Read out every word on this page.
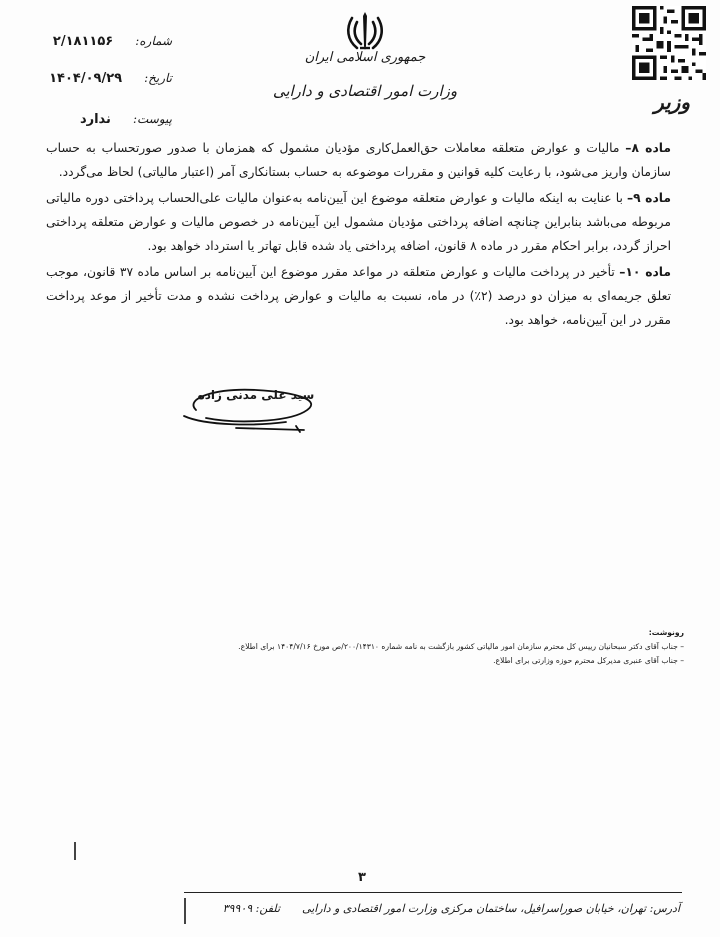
وزیر
جمهوری اسلامی ایران
وزارت امور اقتصادی و دارایی
شماره:
۲/۱۸۱۱۵۶
تاریخ:
۱۴۰۴/۰۹/۲۹
پیوست:
ندارد

ماده ۸– مالیات و عوارض متعلقه معاملات حق‌العمل‌کاری مؤدیان مشمول که همزمان با صدور صورتحساب به حساب سازمان واریز می‌شود، با رعایت کلیه قوانین و مقررات موضوعه به حساب بستانکاری آمر (اعتبار مالیاتی) لحاظ می‌گردد.

ماده ۹– با عنایت به اینکه مالیات و عوارض متعلقه موضوع این آیین‌نامه به‌عنوان مالیات علی‌الحساب پرداختی دوره مالیاتی مربوطه می‌باشد بنابراین چنانچه اضافه پرداختی مؤدیان مشمول این آیین‌نامه در خصوص مالیات و عوارض متعلقه پرداختی احراز گردد، برابر احکام مقرر در ماده ۸ قانون، اضافه پرداختی یاد شده قابل تهاتر یا استرداد خواهد بود.

ماده ۱۰– تأخیر در پرداخت مالیات و عوارض متعلقه در مواعد مقرر موضوع این آیین‌نامه بر اساس ماده ۳۷ قانون، موجب تعلق جریمه‌ای به میزان دو درصد (۲٪) در ماه، نسبت به مالیات و عوارض پرداخت نشده و مدت تأخیر از موعد پرداخت مقرر در این آیین‌نامه، خواهد بود.

سید علی مدنی زاده
رونوشت:
– جناب آقای دکتر سبحانیان رییس کل محترم سازمان امور مالیاتی کشور بازگشت به نامه شماره ۲۰۰/۱۴۳۱۰/ص مورخ ۱۴۰۴/۷/۱۶ برای اطلاع.
– جناب آقای عنبری مدیرکل محترم حوزه وزارتی برای اطلاع.
۳
آدرس: تهران، خیابان صوراسرافیل، ساختمان مرکزی وزارت امور اقتصادی و دارایی
تلفن: ۳۹۹۰۹
